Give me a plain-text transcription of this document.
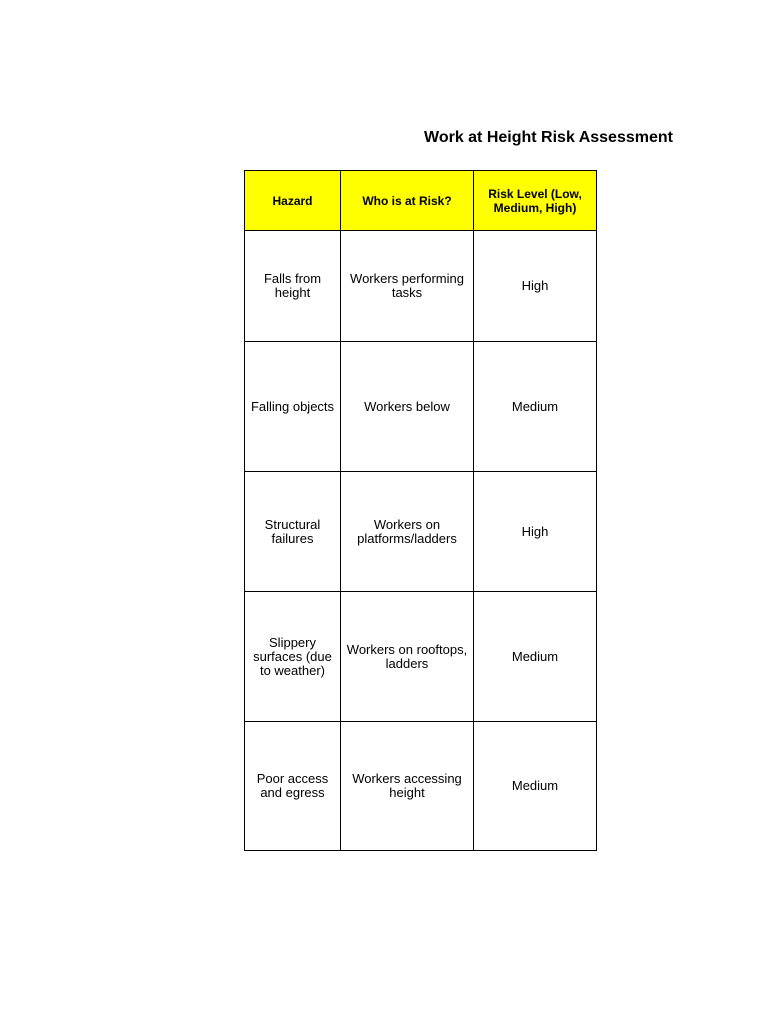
Work at Height Risk Assessment
Hazard	Who is at Risk?	Risk Level (Low, Medium, High)
Falls from height	Workers performing tasks	High
Falling objects	Workers below	Medium
Structural failures	Workers on platforms/ladders	High
Slippery surfaces (due to weather)	Workers on rooftops, ladders	Medium
Poor access and egress	Workers accessing height	Medium
